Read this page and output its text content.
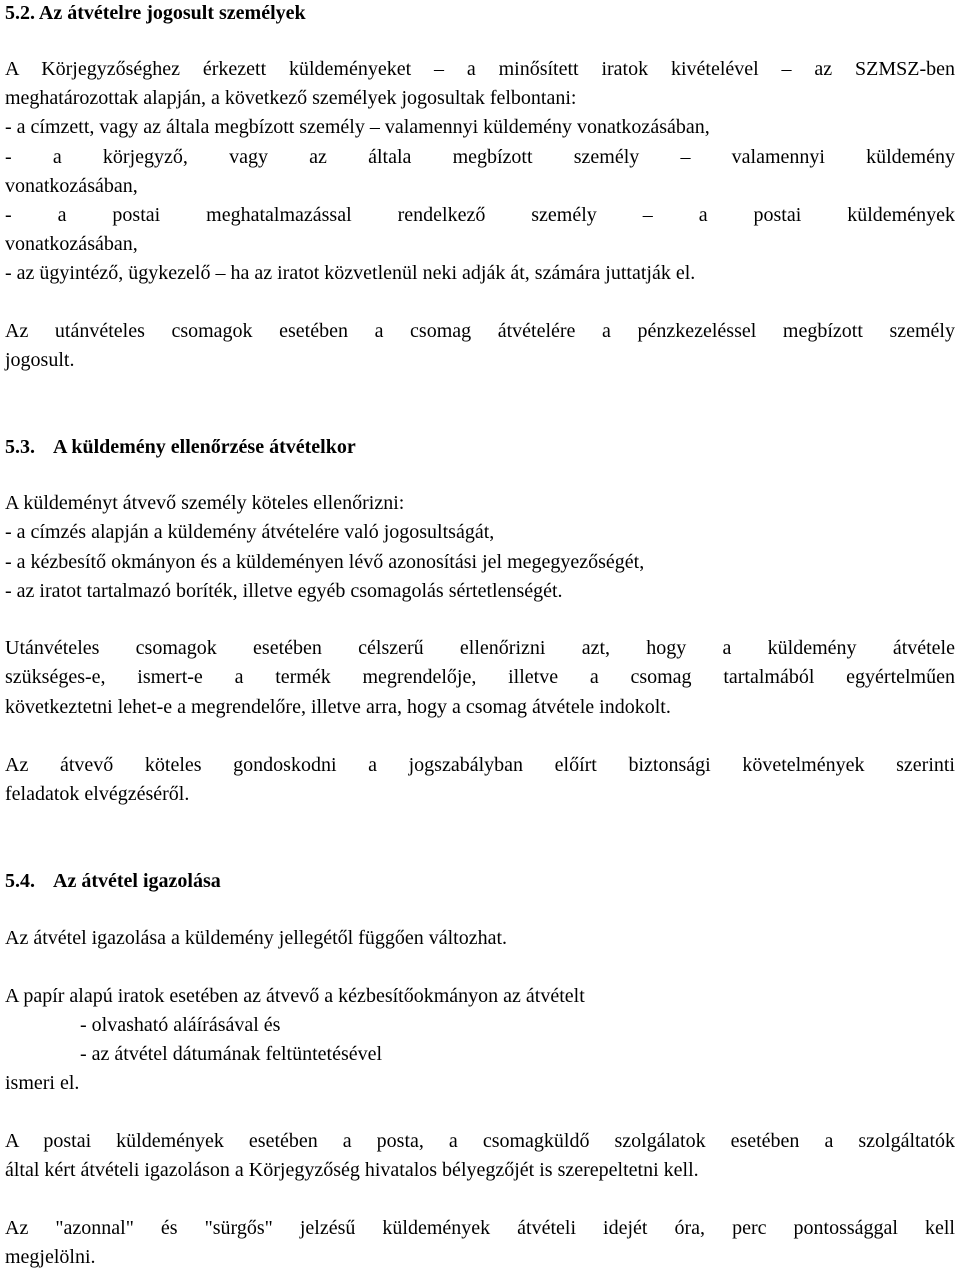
5.2. Az átvételre jogosult személyek
A Körjegyzőséghez érkezett küldeményeket – a minősített iratok kivételével – az SZMSZ-ben
meghatározottak alapján, a következő személyek jogosultak felbontani:
- a címzett, vagy az általa megbízott személy – valamennyi küldemény vonatkozásában,
- a körjegyző, vagy az általa megbízott személy – valamennyi küldemény
vonatkozásában,
- a postai meghatalmazással rendelkező személy – a postai küldemények
vonatkozásában,
- az ügyintéző, ügykezelő – ha az iratot közvetlenül neki adják át, számára juttatják el.
Az utánvételes csomagok esetében a csomag átvételére a pénzkezeléssel megbízott személy
jogosult.
5.3. A küldemény ellenőrzése átvételkor
A küldeményt átvevő személy köteles ellenőrizni:
- a címzés alapján a küldemény átvételére való jogosultságát,
- a kézbesítő okmányon és a küldeményen lévő azonosítási jel megegyezőségét,
- az iratot tartalmazó boríték, illetve egyéb csomagolás sértetlenségét.
Utánvételes csomagok esetében célszerű ellenőrizni azt, hogy a küldemény átvétele
szükséges-e, ismert-e a termék megrendelője, illetve a csomag tartalmából egyértelműen
következtetni lehet-e a megrendelőre, illetve arra, hogy a csomag átvétele indokolt.
Az átvevő köteles gondoskodni a jogszabályban előírt biztonsági követelmények szerinti
feladatok elvégzéséről.
5.4. Az átvétel igazolása
Az átvétel igazolása a küldemény jellegétől függően változhat.
A papír alapú iratok esetében az átvevő a kézbesítőokmányon az átvételt
- olvasható aláírásával és
- az átvétel dátumának feltüntetésével
ismeri el.
A postai küldemények esetében a posta, a csomagküldő szolgálatok esetében a szolgáltatók
által kért átvételi igazoláson a Körjegyzőség hivatalos bélyegzőjét is szerepeltetni kell.
Az "azonnal" és "sürgős" jelzésű küldemények átvételi idejét óra, perc pontossággal kell
megjelölni.
